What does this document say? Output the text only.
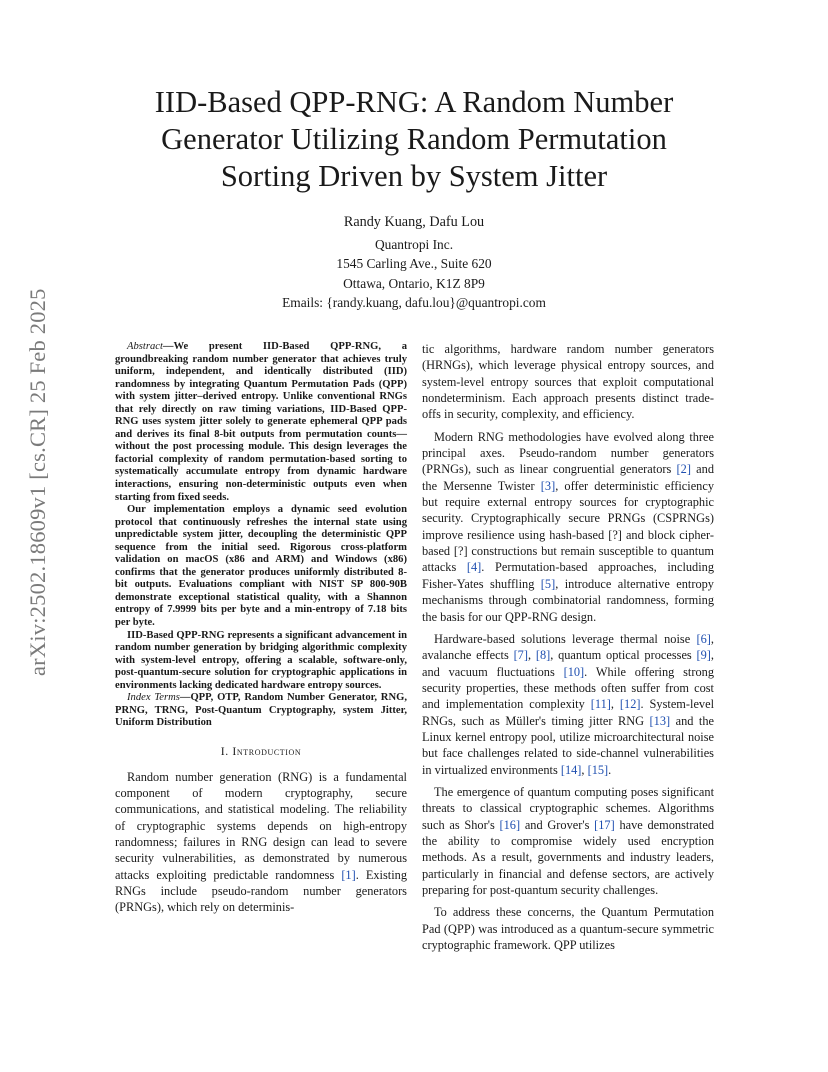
arXiv:2502.18609v1 [cs.CR] 25 Feb 2025
IID-Based QPP-RNG: A Random Number
Generator Utilizing Random Permutation
Sorting Driven by System Jitter
Randy Kuang, Dafu Lou
Quantropi Inc.
1545 Carling Ave., Suite 620
Ottawa, Ontario, K1Z 8P9
Emails: {randy.kuang, dafu.lou}@quantropi.com

Abstract—We present IID-Based QPP-RNG, a groundbreaking random number generator that achieves truly uniform, independent, and identically distributed (IID) randomness by integrating Quantum Permutation Pads (QPP) with system jitter–derived entropy. Unlike conventional RNGs that rely directly on raw timing variations, IID-Based QPP-RNG uses system jitter solely to generate ephemeral QPP pads and derives its final 8-bit outputs from permutation counts—without the post processing module. This design leverages the factorial complexity of random permutation-based sorting to systematically accumulate entropy from dynamic hardware interactions, ensuring non-deterministic outputs even when starting from fixed seeds.

Our implementation employs a dynamic seed evolution protocol that continuously refreshes the internal state using unpredictable system jitter, decoupling the deterministic QPP sequence from the initial seed. Rigorous cross-platform validation on macOS (x86 and ARM) and Windows (x86) confirms that the generator produces uniformly distributed 8-bit outputs. Evaluations compliant with NIST SP 800-90B demonstrate exceptional statistical quality, with a Shannon entropy of 7.9999 bits per byte and a min-entropy of 7.18 bits per byte.

IID-Based QPP-RNG represents a significant advancement in random number generation by bridging algorithmic complexity with system-level entropy, offering a scalable, software-only, post-quantum-secure solution for cryptographic applications in environments lacking dedicated hardware entropy sources.

Index Terms—QPP, OTP, Random Number Generator, RNG, PRNG, TRNG, Post-Quantum Cryptography, system Jitter, Uniform Distribution

I. Introduction

Random number generation (RNG) is a fundamental component of modern cryptography, secure communications, and statistical modeling. The reliability of cryptographic systems depends on high-entropy randomness; failures in RNG design can lead to severe security vulnerabilities, as demonstrated by numerous attacks exploiting predictable randomness [1]. Existing RNGs include pseudo-random number generators (PRNGs), which rely on determinis-

tic algorithms, hardware random number generators (HRNGs), which leverage physical entropy sources, and system-level entropy sources that exploit computational nondeterminism. Each approach presents distinct trade-offs in security, complexity, and efficiency.

Modern RNG methodologies have evolved along three principal axes. Pseudo-random number generators (PRNGs), such as linear congruential generators [2] and the Mersenne Twister [3], offer deterministic efficiency but require external entropy sources for cryptographic security. Cryptographically secure PRNGs (CSPRNGs) improve resilience using hash-based [?] and block cipher-based [?] constructions but remain susceptible to quantum attacks [4]. Permutation-based approaches, including Fisher-Yates shuffling [5], introduce alternative entropy mechanisms through combinatorial randomness, forming the basis for our QPP-RNG design.

Hardware-based solutions leverage thermal noise [6], avalanche effects [7], [8], quantum optical processes [9], and vacuum fluctuations [10]. While offering strong security properties, these methods often suffer from cost and implementation complexity [11], [12]. System-level RNGs, such as Müller's timing jitter RNG [13] and the Linux kernel entropy pool, utilize microarchitectural noise but face challenges related to side-channel vulnerabilities in virtualized environments [14], [15].

The emergence of quantum computing poses significant threats to classical cryptographic schemes. Algorithms such as Shor's [16] and Grover's [17] have demonstrated the ability to compromise widely used encryption methods. As a result, governments and industry leaders, particularly in financial and defense sectors, are actively preparing for post-quantum security challenges.

To address these concerns, the Quantum Permutation Pad (QPP) was introduced as a quantum-secure symmetric cryptographic framework. QPP utilizes
